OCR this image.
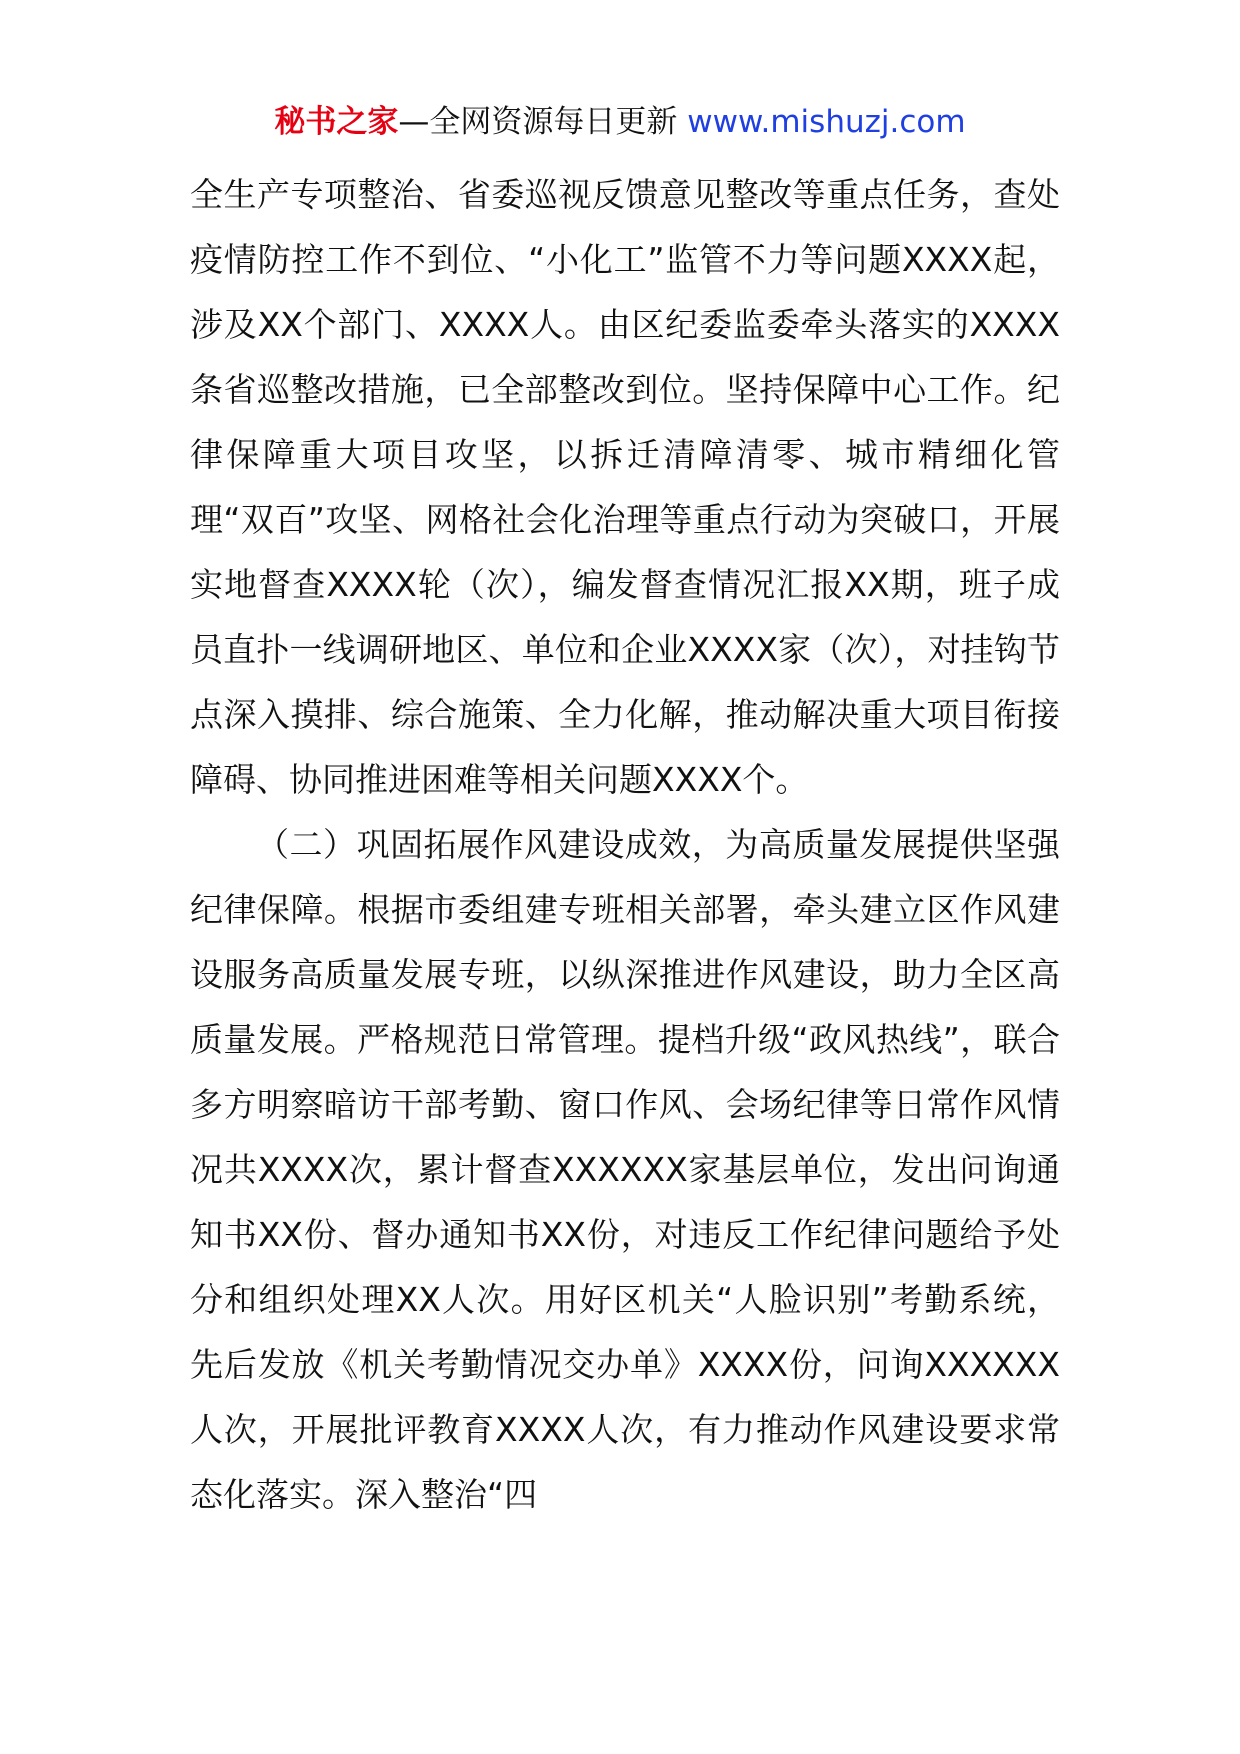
秘书之家—全网资源每日更新 www.mishuzj.com

全生产专项整治、省委巡视反馈意见整改等重点任务，查处疫情防控工作不到位、“小化工”监管不力等问题XXXX起，涉及XX个部门、XXXX人。由区纪委监委牵头落实的XXXX条省巡整改措施，已全部整改到位。坚持保障中心工作。纪律保障重大项目攻坚，以拆迁清障清零、城市精细化管理“双百”攻坚、网格社会化治理等重点行动为突破口，开展实地督查XXXX轮（次），编发督查情况汇报XX期，班子成员直扑一线调研地区、单位和企业XXXX家（次），对挂钩节点深入摸排、综合施策、全力化解，推动解决重大项目衔接障碍、协同推进困难等相关问题XXXX个。

（二）巩固拓展作风建设成效，为高质量发展提供坚强纪律保障。根据市委组建专班相关部署，牵头建立区作风建设服务高质量发展专班，以纵深推进作风建设，助力全区高质量发展。严格规范日常管理。提档升级“政风热线”，联合多方明察暗访干部考勤、窗口作风、会场纪律等日常作风情况共XXXX次，累计督查XXXXXX家基层单位，发出问询通知书XX份、督办通知书XX份，对违反工作纪律问题给予处分和组织处理XX人次。用好区机关“人脸识别”考勤系统，先后发放《机关考勤情况交办单》XXXX份，问询XXXXXX人次，开展批评教育XXXX人次，有力推动作风建设要求常态化落实。深入整治“四
